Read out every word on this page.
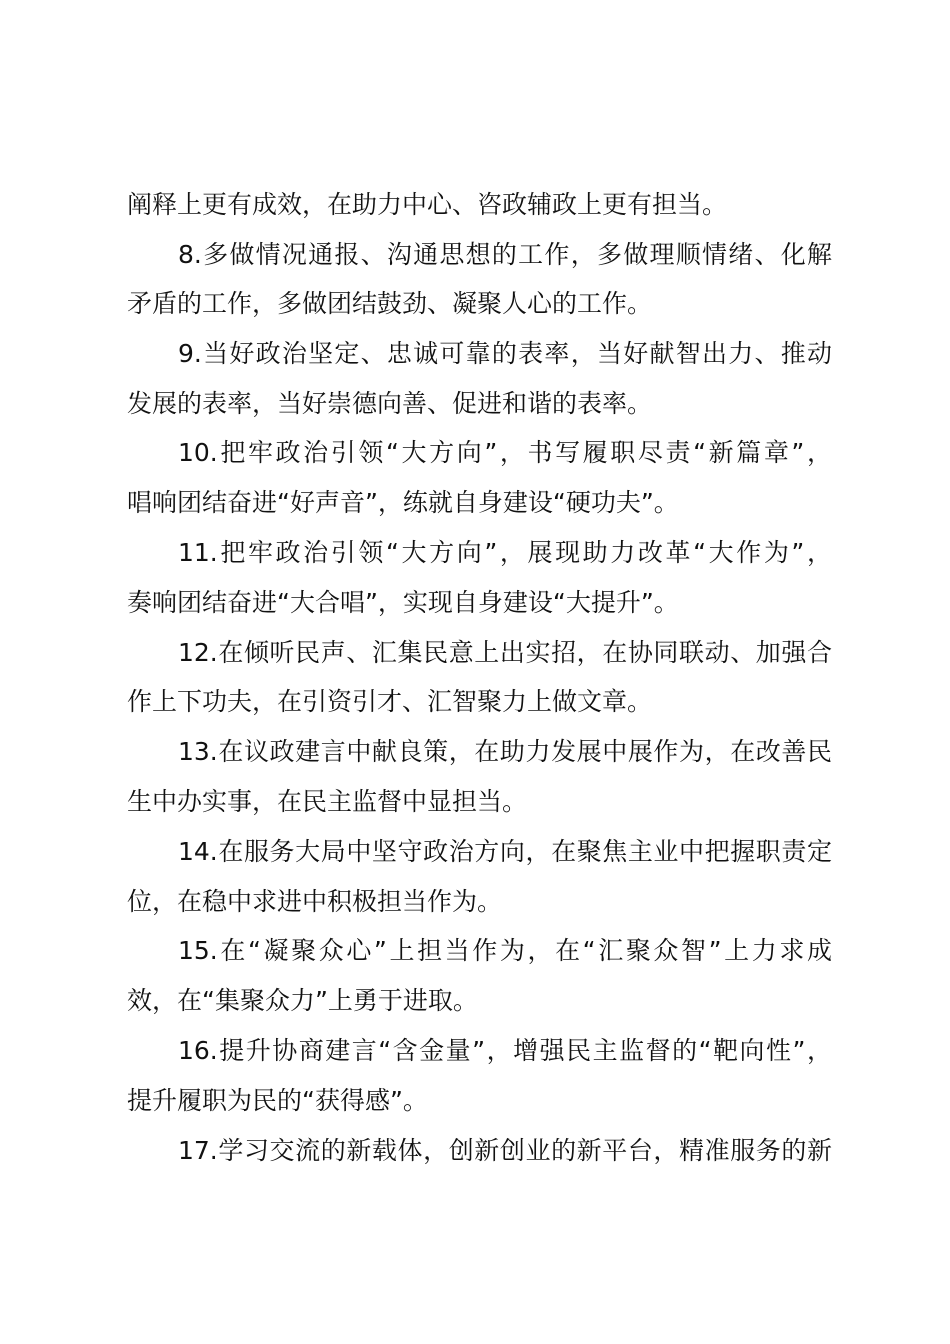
阐释上更有成效，在助力中心、咨政辅政上更有担当。
8.多做情况通报、沟通思想的工作，多做理顺情绪、化解
矛盾的工作，多做团结鼓劲、凝聚人心的工作。
9.当好政治坚定、忠诚可靠的表率，当好献智出力、推动
发展的表率，当好崇德向善、促进和谐的表率。
10.把牢政治引领“大方向”，书写履职尽责“新篇章”，
唱响团结奋进“好声音”，练就自身建设“硬功夫”。
11.把牢政治引领“大方向”，展现助力改革“大作为”，
奏响团结奋进“大合唱”，实现自身建设“大提升”。
12.在倾听民声、汇集民意上出实招，在协同联动、加强合
作上下功夫，在引资引才、汇智聚力上做文章。
13.在议政建言中献良策，在助力发展中展作为，在改善民
生中办实事，在民主监督中显担当。
14.在服务大局中坚守政治方向，在聚焦主业中把握职责定
位，在稳中求进中积极担当作为。
15.在“凝聚众心”上担当作为，在“汇聚众智”上力求成
效，在“集聚众力”上勇于进取。
16.提升协商建言“含金量”，增强民主监督的“靶向性”，
提升履职为民的“获得感”。
17.学习交流的新载体，创新创业的新平台，精准服务的新
